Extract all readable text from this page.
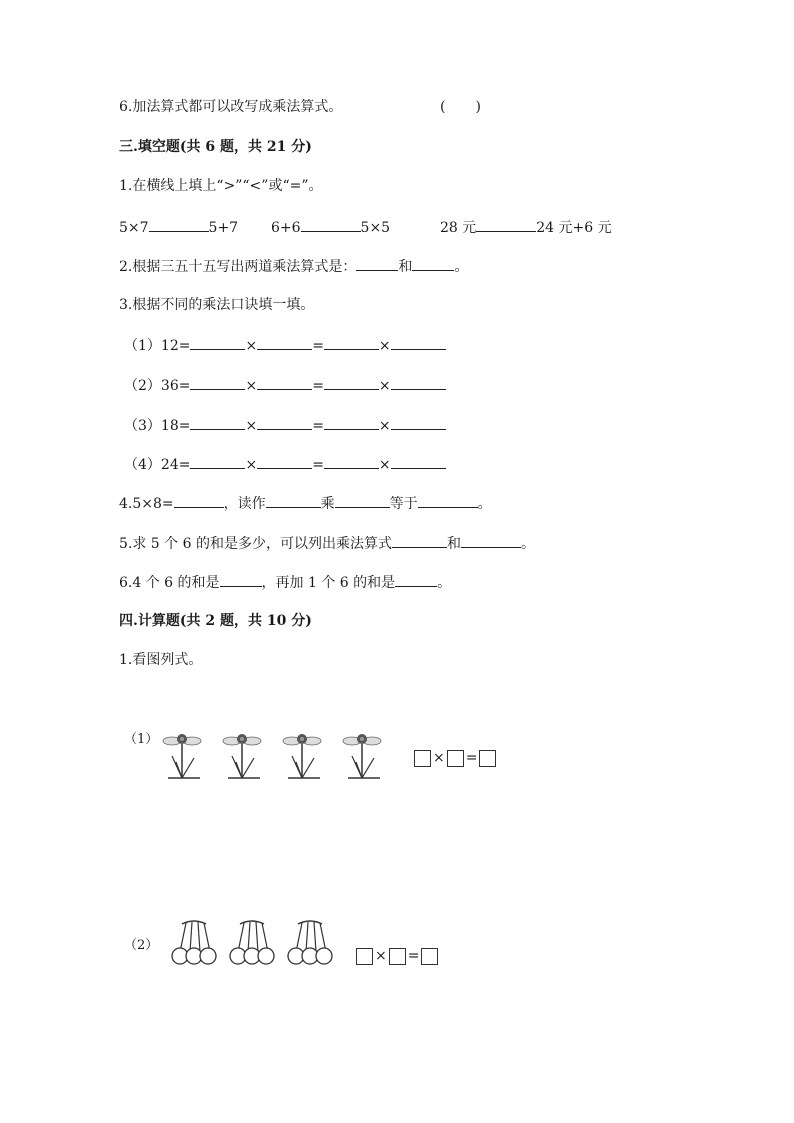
6.加法算式都可以改写成乘法算式。	( )
三.填空题(共 6 题，共 21 分)
1.在横线上填上“>”“<”或“=”。
5×7	5+7 6+6	5×5	28 元	24 元+6 元
2.根据三五十五写出两道乘法算式是：	和	。
3.根据不同的乘法口诀填一填。
（1）12=	×	=	×
（2）36=	×	=	×
（3）18=	×	=	×
（4）24=	×	=	×
4.5×8=	，读作	乘	等于	。
5.求 5 个 6 的和是多少，可以列出乘法算式	和	。
6.4 个 6 的和是	，再加 1 个 6 的和是	。
四.计算题(共 2 题，共 10 分)
1.看图列式。
（1）
× =
（2）
× =
